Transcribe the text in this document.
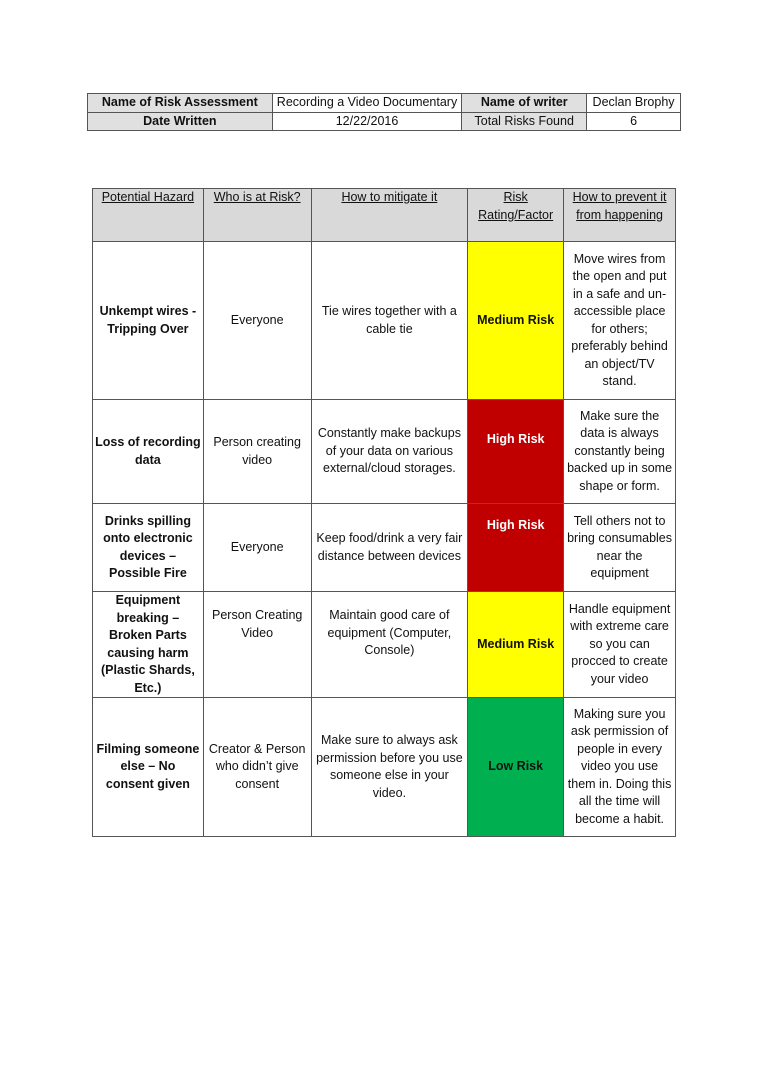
Name of Risk Assessment	Recording a Video Documentary	Name of writer	Declan Brophy
Date Written	12/22/2016	Total Risks Found	6
Potential Hazard	Who is at Risk?	How to mitigate it	Risk Rating/Factor	How to prevent it from happening
Unkempt wires - Tripping Over	Everyone	Tie wires together with a cable tie	Medium Risk	Move wires from the open and put in a safe and un-accessible place for others; preferably behind an object/TV stand.
Loss of recording data	Person creating video	Constantly make backups of your data on various external/cloud storages.	High Risk	Make sure the data is always constantly being backed up in some shape or form.
Drinks spilling onto electronic devices – Possible Fire	Everyone	Keep food/drink a very fair distance between devices	High Risk	Tell others not to bring consumables near the equipment
Equipment breaking – Broken Parts causing harm (Plastic Shards, Etc.)	Person Creating Video	Maintain good care of equipment (Computer, Console)	Medium Risk	Handle equipment with extreme care so you can procced to create your video
Filming someone else – No consent given	Creator & Person who didn’t give consent	Make sure to always ask permission before you use someone else in your video.	Low Risk	Making sure you ask permission of people in every video you use them in. Doing this all the time will become a habit.
